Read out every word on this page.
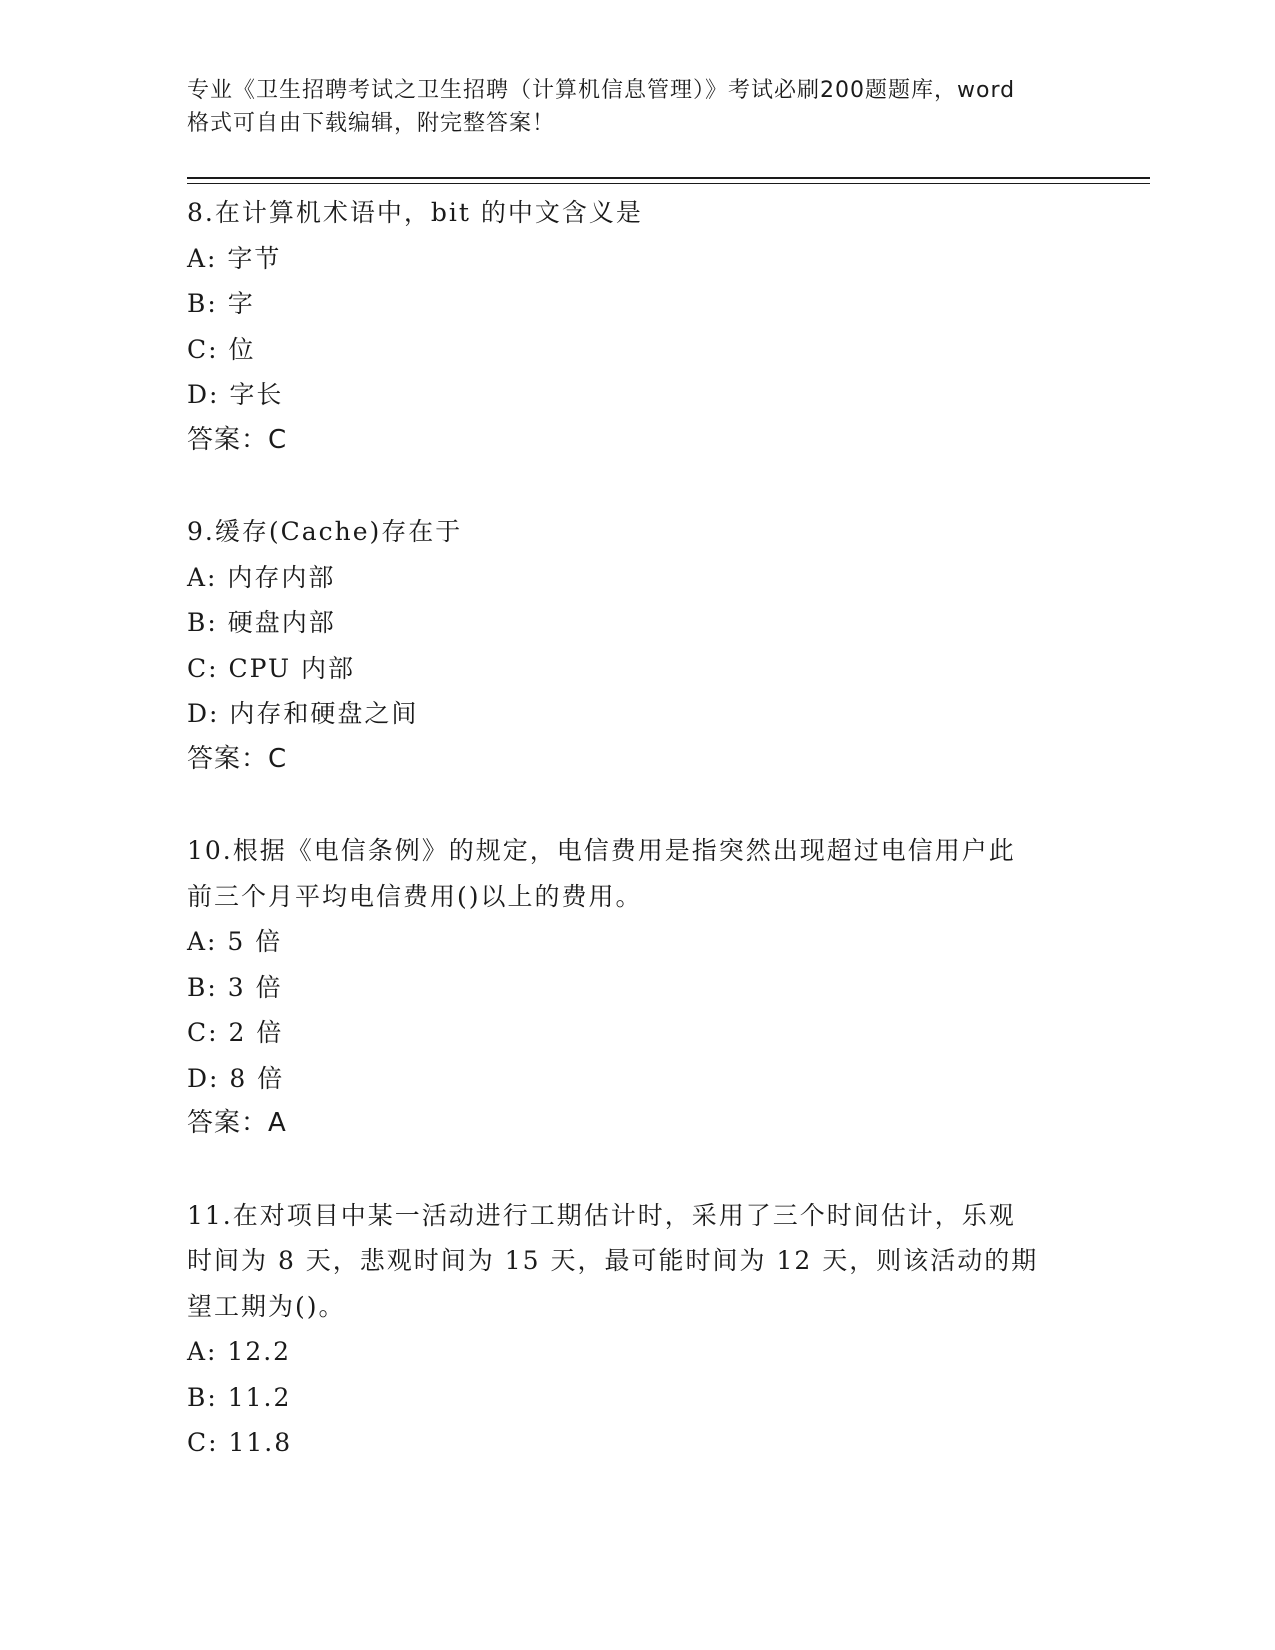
专业《卫生招聘考试之卫生招聘（计算机信息管理）》考试必刷200题题库，word
格式可自由下载编辑，附完整答案！
8.在计算机术语中，bit 的中文含义是
A: 字节
B: 字
C: 位
D: 字长
答案：C
9.缓存(Cache)存在于
A: 内存内部
B: 硬盘内部
C: CPU 内部
D: 内存和硬盘之间
答案：C
10.根据《电信条例》的规定，电信费用是指突然出现超过电信用户此
前三个月平均电信费用()以上的费用。
A: 5 倍
B: 3 倍
C: 2 倍
D: 8 倍
答案：A
11.在对项目中某一活动进行工期估计时，采用了三个时间估计，乐观
时间为 8 天，悲观时间为 15 天，最可能时间为 12 天，则该活动的期
望工期为()。
A: 12.2
B: 11.2
C: 11.8
